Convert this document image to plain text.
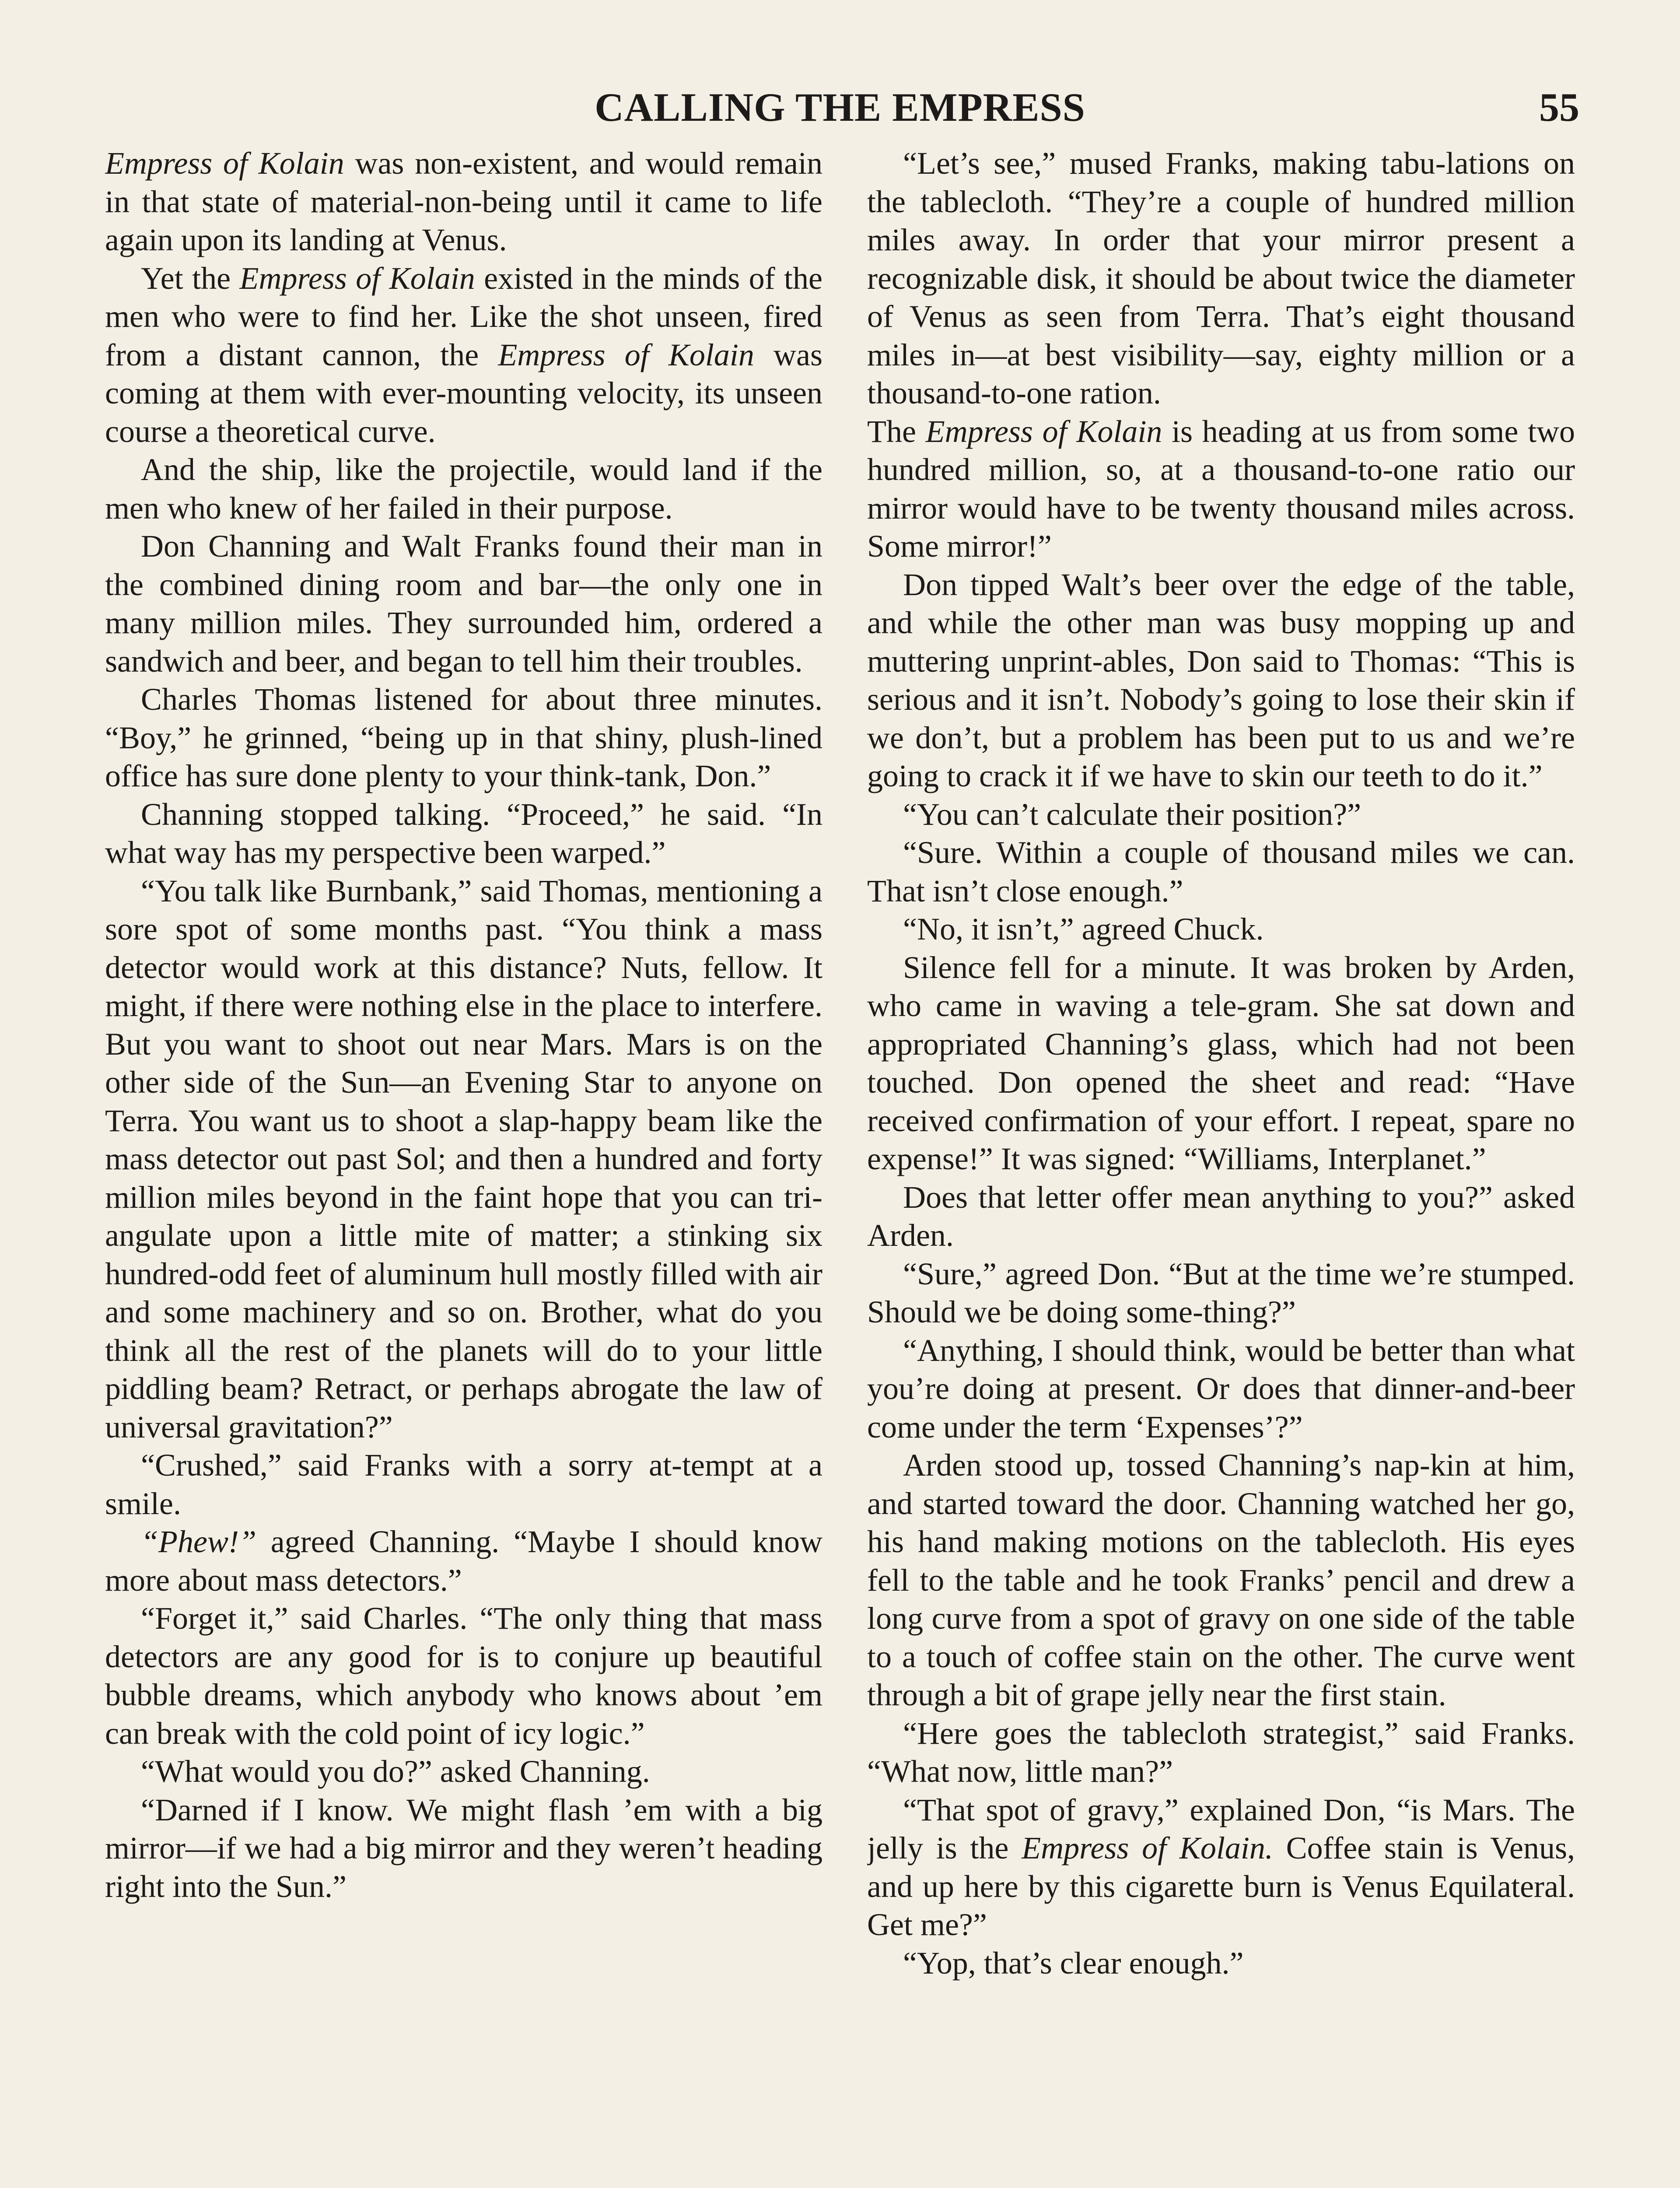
CALLING THE EMPRESS	55

Empress of Kolain was non-existent, and would remain in that state of material-non-being until it came to life again upon its landing at Venus.

Yet the Empress of Kolain existed in the minds of the men who were to find her. Like the shot unseen, fired from a distant cannon, the Empress of Kolain was coming at them with ever-mounting velocity, its unseen course a theoretical curve.

And the ship, like the projectile, would land if the men who knew of her failed in their purpose.

Don Channing and Walt Franks found their man in the combined dining room and bar—the only one in many million miles. They surrounded him, ordered a sandwich and beer, and began to tell him their troubles.

Charles Thomas listened for about three minutes. “Boy,” he grinned, “being up in that shiny, plush-lined office has sure done plenty to your think-tank, Don.”

Channing stopped talking. “Proceed,” he said. “In what way has my perspective been warped.”

“You talk like Burnbank,” said Thomas, mentioning a sore spot of some months past. “You think a mass detector would work at this distance? Nuts, fellow. It might, if there were nothing else in the place to interfere. But you want to shoot out near Mars. Mars is on the other side of the Sun—an Evening Star to anyone on Terra. You want us to shoot a slap-happy beam like the mass detector out past Sol; and then a hundred and forty million miles beyond in the faint hope that you can tri-angulate upon a little mite of matter; a stinking six hundred-odd feet of aluminum hull mostly filled with air and some machinery and so on. Brother, what do you think all the rest of the planets will do to your little piddling beam? Retract, or perhaps abrogate the law of universal gravitation?”

“Crushed,” said Franks with a sorry at-tempt at a smile.

“Phew!” agreed Channing. “Maybe I should know more about mass detectors.”

“Forget it,” said Charles. “The only thing that mass detectors are any good for is to conjure up beautiful bubble dreams, which anybody who knows about ’em can break with the cold point of icy logic.”

“What would you do?” asked Channing.

“Darned if I know. We might flash ’em with a big mirror—if we had a big mirror and they weren’t heading right into the Sun.”

“Let’s see,” mused Franks, making tabu-lations on the tablecloth. “They’re a couple of hundred million miles away. In order that your mirror present a recognizable disk, it should be about twice the diameter of Venus as seen from Terra. That’s eight thousand miles in—at best visibility—say, eighty million or a thousand-to-one ration.

The Empress of Kolain is heading at us from some two hundred million, so, at a thousand-to-one ratio our mirror would have to be twenty thousand miles across. Some mirror!”

Don tipped Walt’s beer over the edge of the table, and while the other man was busy mopping up and muttering unprint-ables, Don said to Thomas: “This is serious and it isn’t. Nobody’s going to lose their skin if we don’t, but a problem has been put to us and we’re going to crack it if we have to skin our teeth to do it.”

“You can’t calculate their position?”

“Sure. Within a couple of thousand miles we can. That isn’t close enough.”

“No, it isn’t,” agreed Chuck.

Silence fell for a minute. It was broken by Arden, who came in waving a tele-gram. She sat down and appropriated Channing’s glass, which had not been touched. Don opened the sheet and read: “Have received confirmation of your effort. I repeat, spare no expense!” It was signed: “Williams, Interplanet.”

Does that letter offer mean anything to you?” asked Arden.

“Sure,” agreed Don. “But at the time we’re stumped. Should we be doing some-thing?”

“Anything, I should think, would be better than what you’re doing at present. Or does that dinner-and-beer come under the term ‘Expenses’?”

Arden stood up, tossed Channing’s nap-kin at him, and started toward the door. Channing watched her go, his hand making motions on the tablecloth. His eyes fell to the table and he took Franks’ pencil and drew a long curve from a spot of gravy on one side of the table to a touch of coffee stain on the other. The curve went through a bit of grape jelly near the first stain.

“Here goes the tablecloth strategist,” said Franks. “What now, little man?”

“That spot of gravy,” explained Don, “is Mars. The jelly is the Empress of Kolain. Coffee stain is Venus, and up here by this cigarette burn is Venus Equilateral. Get me?”

“Yop, that’s clear enough.”
